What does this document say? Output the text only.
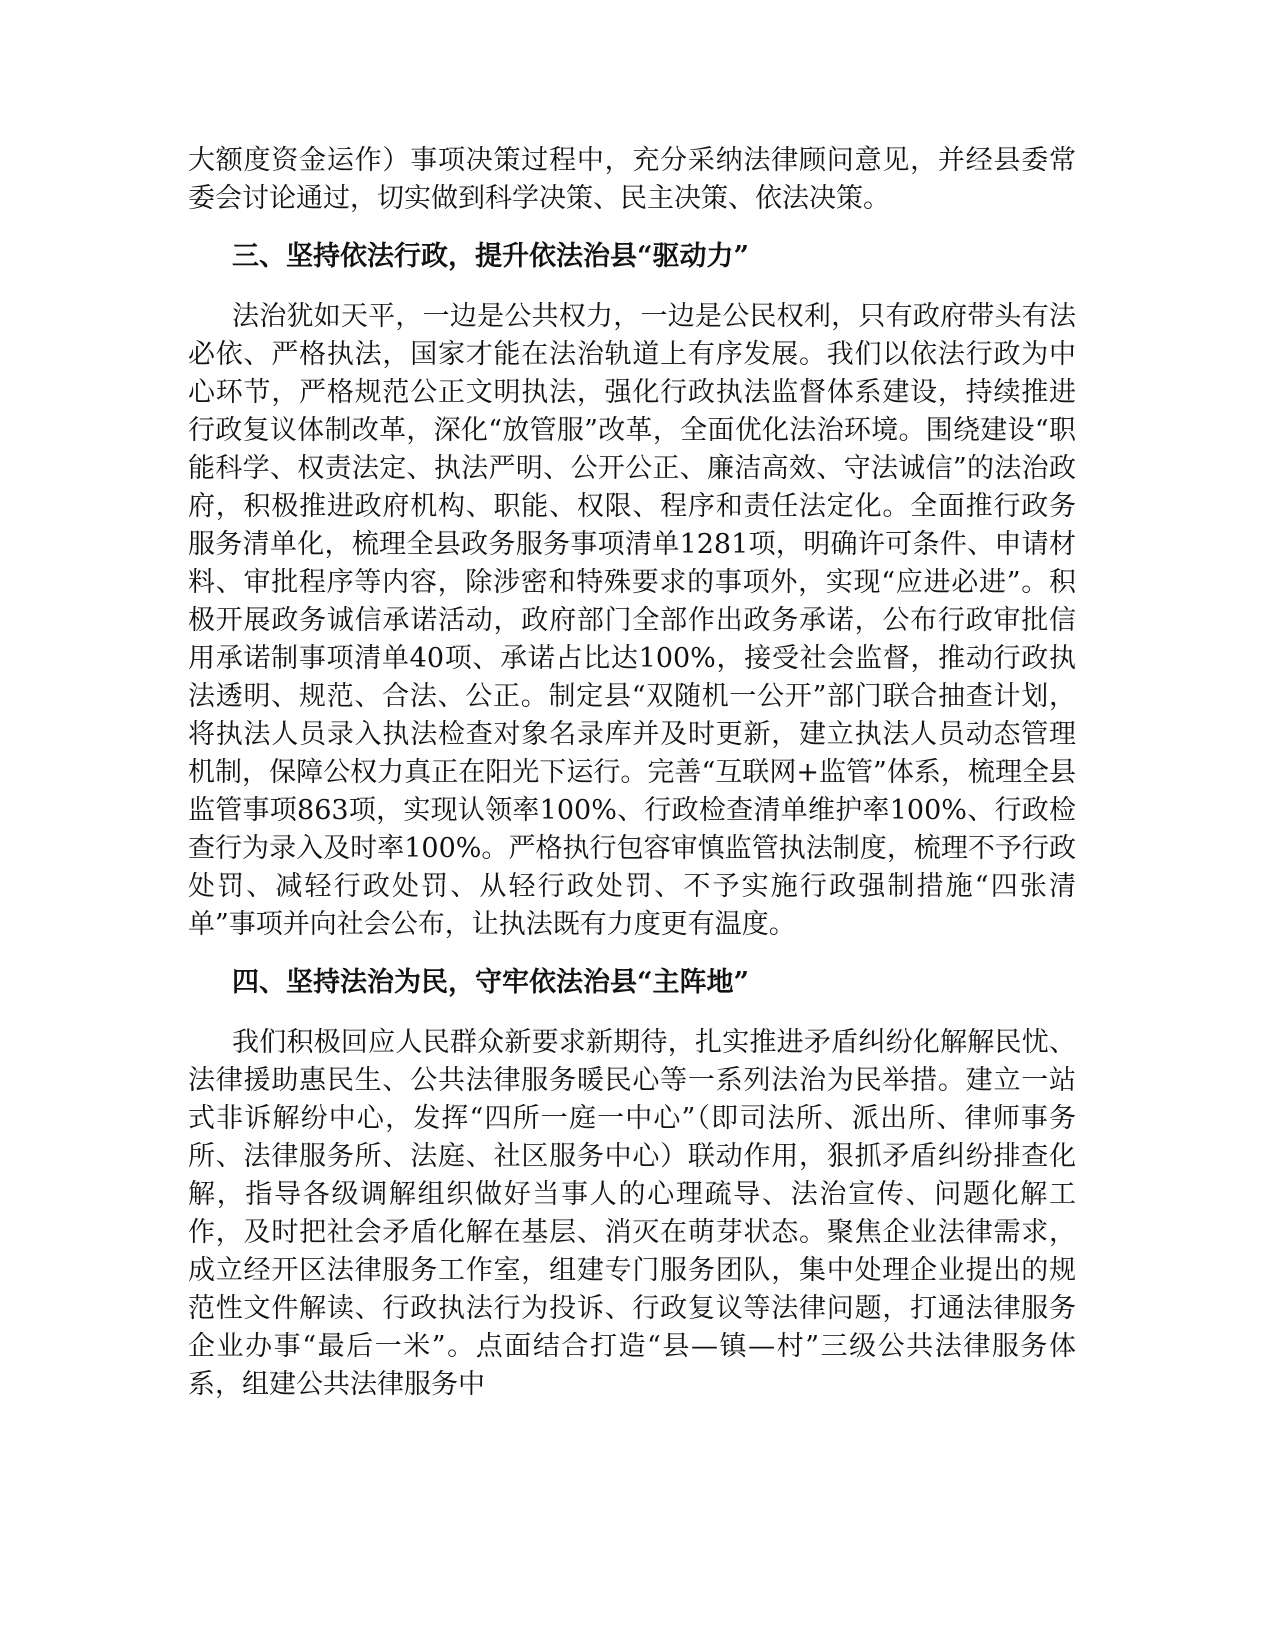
大额度资金运作）事项决策过程中，充分采纳法律顾问意见，并经县委常委会讨论通过，切实做到科学决策、民主决策、依法决策。

三、坚持依法行政，提升依法治县“驱动力”

法治犹如天平，一边是公共权力，一边是公民权利，只有政府带头有法必依、严格执法，国家才能在法治轨道上有序发展。我们以依法行政为中心环节，严格规范公正文明执法，强化行政执法监督体系建设，持续推进行政复议体制改革，深化“放管服”改革，全面优化法治环境。围绕建设“职能科学、权责法定、执法严明、公开公正、廉洁高效、守法诚信”的法治政府，积极推进政府机构、职能、权限、程序和责任法定化。全面推行政务服务清单化，梳理全县政务服务事项清单1281项，明确许可条件、申请材料、审批程序等内容，除涉密和特殊要求的事项外，实现“应进必进”。积极开展政务诚信承诺活动，政府部门全部作出政务承诺，公布行政审批信用承诺制事项清单40项、承诺占比达100%，接受社会监督，推动行政执法透明、规范、合法、公正。制定县“双随机一公开”部门联合抽查计划，将执法人员录入执法检查对象名录库并及时更新，建立执法人员动态管理机制，保障公权力真正在阳光下运行。完善“互联网+监管”体系，梳理全县监管事项863项，实现认领率100%、行政检查清单维护率100%、行政检查行为录入及时率100%。严格执行包容审慎监管执法制度，梳理不予行政处罚、减轻行政处罚、从轻行政处罚、不予实施行政强制措施“四张清单”事项并向社会公布，让执法既有力度更有温度。

四、坚持法治为民，守牢依法治县“主阵地”

我们积极回应人民群众新要求新期待，扎实推进矛盾纠纷化解解民忧、法律援助惠民生、公共法律服务暖民心等一系列法治为民举措。建立一站式非诉解纷中心，发挥“四所一庭一中心”（即司法所、派出所、律师事务所、法律服务所、法庭、社区服务中心）联动作用，狠抓矛盾纠纷排查化解，指导各级调解组织做好当事人的心理疏导、法治宣传、问题化解工作，及时把社会矛盾化解在基层、消灭在萌芽状态。聚焦企业法律需求，成立经开区法律服务工作室，组建专门服务团队，集中处理企业提出的规范性文件解读、行政执法行为投诉、行政复议等法律问题，打通法律服务企业办事“最后一米”。点面结合打造“县—镇—村”三级公共法律服务体系，组建公共法律服务中
